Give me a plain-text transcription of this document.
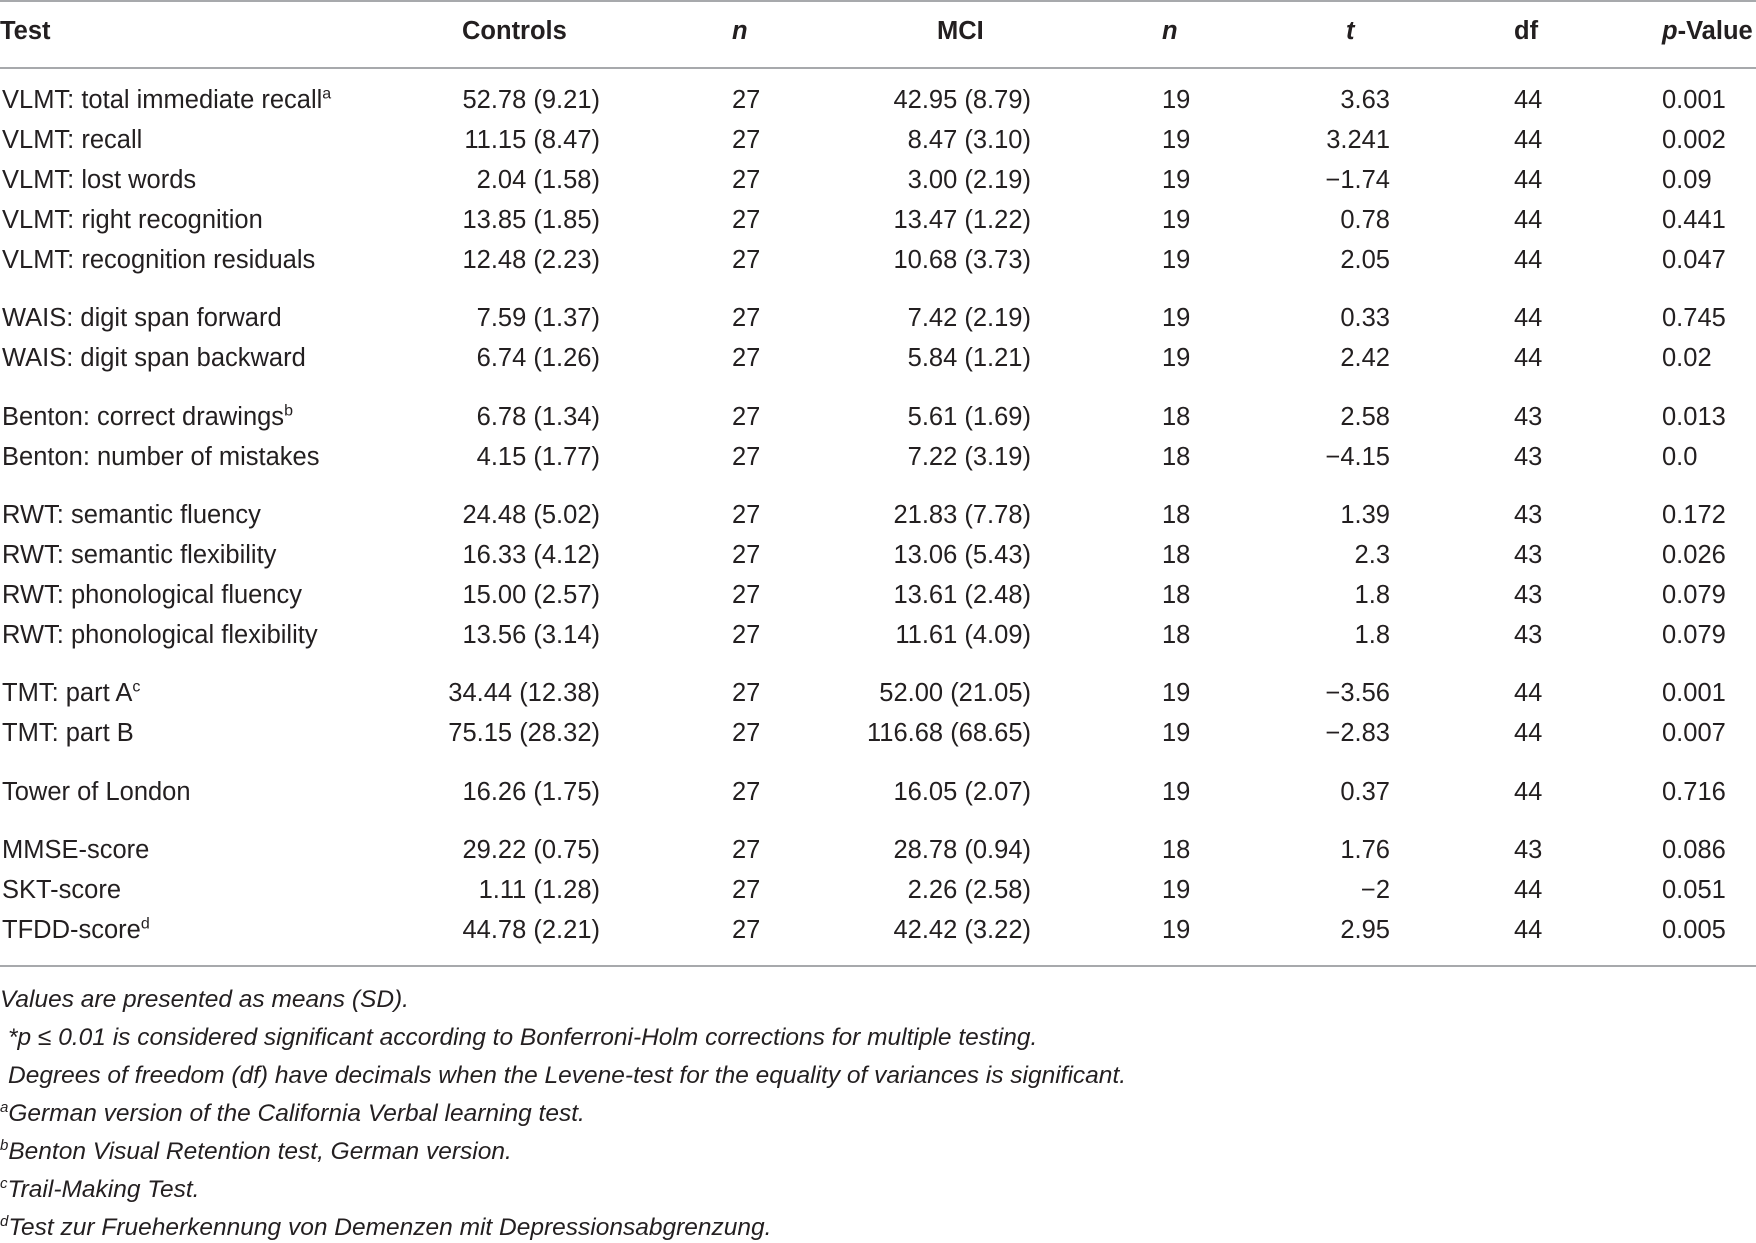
Test	Controls	n	MCI	n	t	df	p-Value
VLMT: total immediate recall$^a$	52.78 (9.21)	27	42.95 (8.79)	19	3.63	44	0.001
VLMT: recall	11.15 (8.47)	27	8.47 (3.10)	19	3.241	44	0.002
VLMT: lost words	2.04 (1.58)	27	3.00 (2.19)	19	−1.74	44	0.09
VLMT: right recognition	13.85 (1.85)	27	13.47 (1.22)	19	0.78	44	0.441
VLMT: recognition residuals	12.48 (2.23)	27	10.68 (3.73)	19	2.05	44	0.047
WAIS: digit span forward	7.59 (1.37)	27	7.42 (2.19)	19	0.33	44	0.745
WAIS: digit span backward	6.74 (1.26)	27	5.84 (1.21)	19	2.42	44	0.02
Benton: correct drawings$^b$	6.78 (1.34)	27	5.61 (1.69)	18	2.58	43	0.013
Benton: number of mistakes	4.15 (1.77)	27	7.22 (3.19)	18	−4.15	43	0.0
RWT: semantic fluency	24.48 (5.02)	27	21.83 (7.78)	18	1.39	43	0.172
RWT: semantic flexibility	16.33 (4.12)	27	13.06 (5.43)	18	2.3	43	0.026
RWT: phonological fluency	15.00 (2.57)	27	13.61 (2.48)	18	1.8	43	0.079
RWT: phonological flexibility	13.56 (3.14)	27	11.61 (4.09)	18	1.8	43	0.079
TMT: part $A^c$	34.44 (12.38)	27	52.00 (21.05)	19	−3.56	44	0.001
TMT: part B	75.15 (28.32)	27	116.68 (68.65)	19	−2.83	44	0.007
Tower of London	16.26 (1.75)	27	16.05 (2.07)	19	0.37	44	0.716
MMSE-score	29.22 (0.75)	27	28.78 (0.94)	18	1.76	43	0.086
SKT-score	1.11 (1.28)	27	2.26 (2.58)	19	−2	44	0.051
TFDD-score$^d$	44.78 (2.21)	27	42.42 (3.22)	19	2.95	44	0.005
Values are presented as means (SD).
*p ≤ 0.01 is considered significant according to Bonferroni-Holm corrections for multiple testing.
Degrees of freedom (df) have decimals when the Levene-test for the equality of variances is significant.
$^a$German version of the California Verbal learning test.
$^b$Benton Visual Retention test, German version.
$^c$Trail-Making Test.
$^d$Test zur Frueherkennung von Demenzen mit Depressionsabgrenzung.
